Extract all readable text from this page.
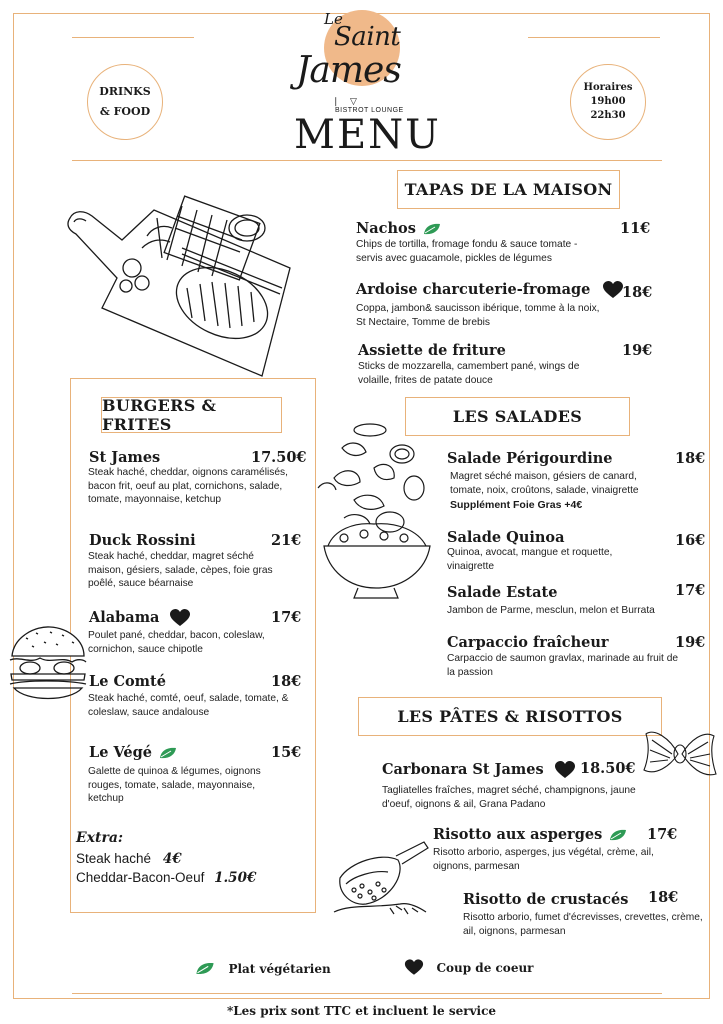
DRINKS
& FOOD
Horaires
19h00
22h30
Le
Saint
James
▽
❘
BISTROT LOUNGE
MENU
TAPAS DE LA MAISON
Nachos	11€
Chips de tortilla, fromage fondu & sauce tomate - servis avec guacamole, pickles de légumes
Ardoise charcuterie-fromage	18€
Coppa, jambon& saucisson ibérique, tomme à la noix, St Nectaire, Tomme de brebis
Assiette de friture	19€
Sticks de mozzarella, camembert pané, wings de volaille, frites de patate douce
BURGERS & FRITES
St James	17.50€
Steak haché, cheddar, oignons caramélisés, bacon frit, oeuf au plat, cornichons, salade, tomate, mayonnaise, ketchup
Duck Rossini	21€
Steak haché, cheddar, magret séché maison, gésiers, salade, cèpes, foie gras poêlé, sauce béarnaise
Alabama	17€
Poulet pané, cheddar, bacon, coleslaw, cornichon, sauce chipotle
Le Comté	18€
Steak haché, comté, oeuf, salade, tomate, & coleslaw, sauce andalouse
Le Végé	15€
Galette de quinoa & légumes, oignons rouges, tomate, salade, mayonnaise, ketchup
Extra:
Steak haché 4€
Cheddar-Bacon-Oeuf 1.50€
LES SALADES
Salade Périgourdine	18€
Magret séché maison, gésiers de canard, tomate, noix, croûtons, salade, vinaigrette
Supplément Foie Gras +4€
Salade Quinoa	16€
Quinoa, avocat, mangue et roquette, vinaigrette
Salade Estate	17€
Jambon de Parme, mesclun, melon et Burrata
Carpaccio fraîcheur	19€
Carpaccio de saumon gravlax, marinade au fruit de la passion
LES PÂTES & RISOTTOS
Carbonara St James	18.50€
Tagliatelles fraîches, magret séché, champignons, jaune d'oeuf, oignons & ail, Grana Padano
Risotto aux asperges	17€
Risotto arborio, asperges, jus végétal, crème, ail, oignons, parmesan
Risotto de crustacés 18€
Risotto arborio, fumet d'écrevisses, crevettes, crème, ail, oignons, parmesan
Plat végétarien	Coup de coeur
*Les prix sont TTC et incluent le service
